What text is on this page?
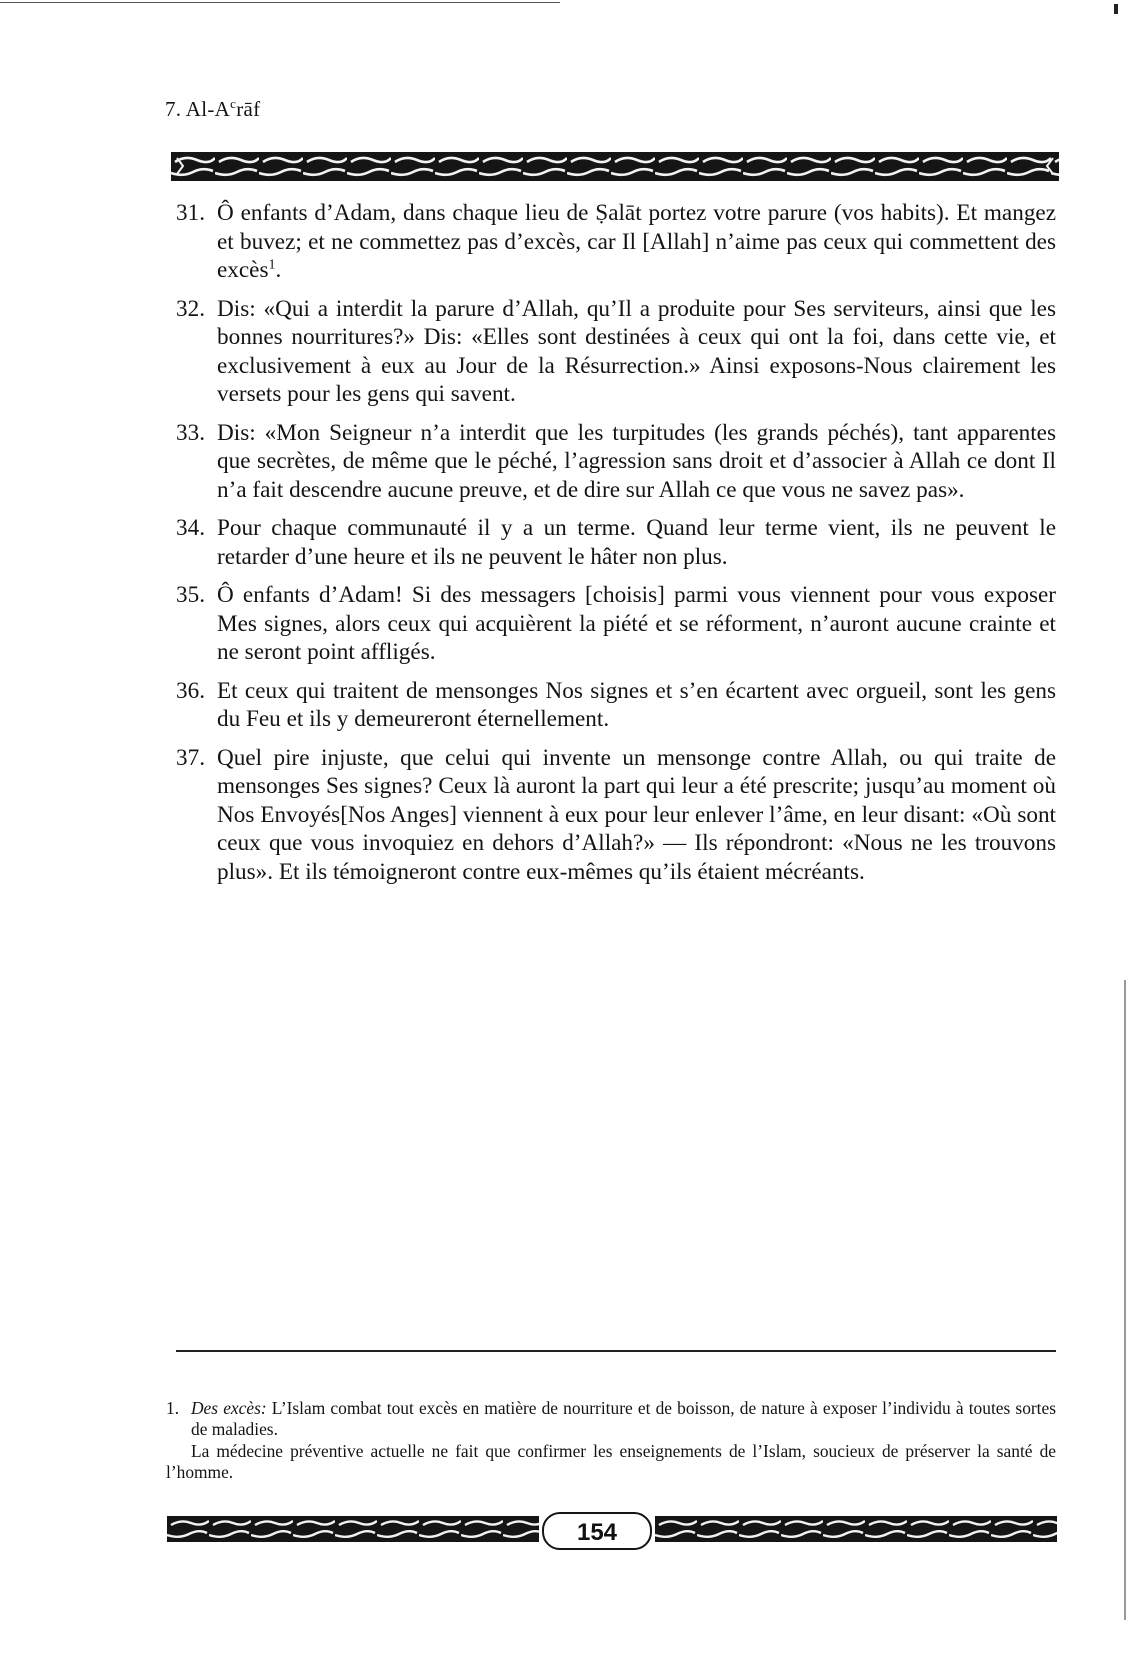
7. $Al-A^crāf$
31. Ô enfants d’Adam, dans chaque lieu de Ṣalāt portez votre parure (vos habits). Et mangez et buvez; et ne commettez pas d’excès, car Il [Allah] n’aime pas ceux qui commettent des excès$^1$.
32. Dis: «Qui a interdit la parure d’Allah, qu’Il a produite pour Ses serviteurs, ainsi que les bonnes nourritures?» Dis: «Elles sont destinées à ceux qui ont la foi, dans cette vie, et exclusivement à eux au Jour de la Résurrection.» Ainsi exposons-Nous clairement les versets pour les gens qui savent.
33. Dis: «Mon Seigneur n’a interdit que les turpitudes (les grands péchés), tant apparentes que secrètes, de même que le péché, l’agression sans droit et d’associer à Allah ce dont Il n’a fait descendre aucune preuve, et de dire sur Allah ce que vous ne savez pas».
34. Pour chaque communauté il y a un terme. Quand leur terme vient, ils ne peuvent le retarder d’une heure et ils ne peuvent le hâter non plus.
35. Ô enfants d’Adam! Si des messagers [choisis] parmi vous viennent pour vous exposer Mes signes, alors ceux qui acquièrent la piété et se réforment, n’auront aucune crainte et ne seront point affligés.
36. Et ceux qui traitent de mensonges Nos signes et s’en écartent avec orgueil, sont les gens du Feu et ils y demeureront éternellement.
37. Quel pire injuste, que celui qui invente un mensonge contre Allah, ou qui traite de mensonges Ses signes? Ceux là auront la part qui leur a été prescrite; jusqu’au moment où Nos Envoyés[Nos Anges] viennent à eux pour leur enlever l’âme, en leur disant: «Où sont ceux que vous invoquiez en dehors d’Allah?» — Ils répondront: «Nous ne les trouvons plus». Et ils témoigneront contre eux-mêmes qu’ils étaient mécréants.
1. Des excès: L’Islam combat tout excès en matière de nourriture et de boisson, de nature à exposer l’individu à toutes sortes de maladies.
La médecine préventive actuelle ne fait que confirmer les enseignements de l’Islam, soucieux de préserver la santé de l’homme.
154
